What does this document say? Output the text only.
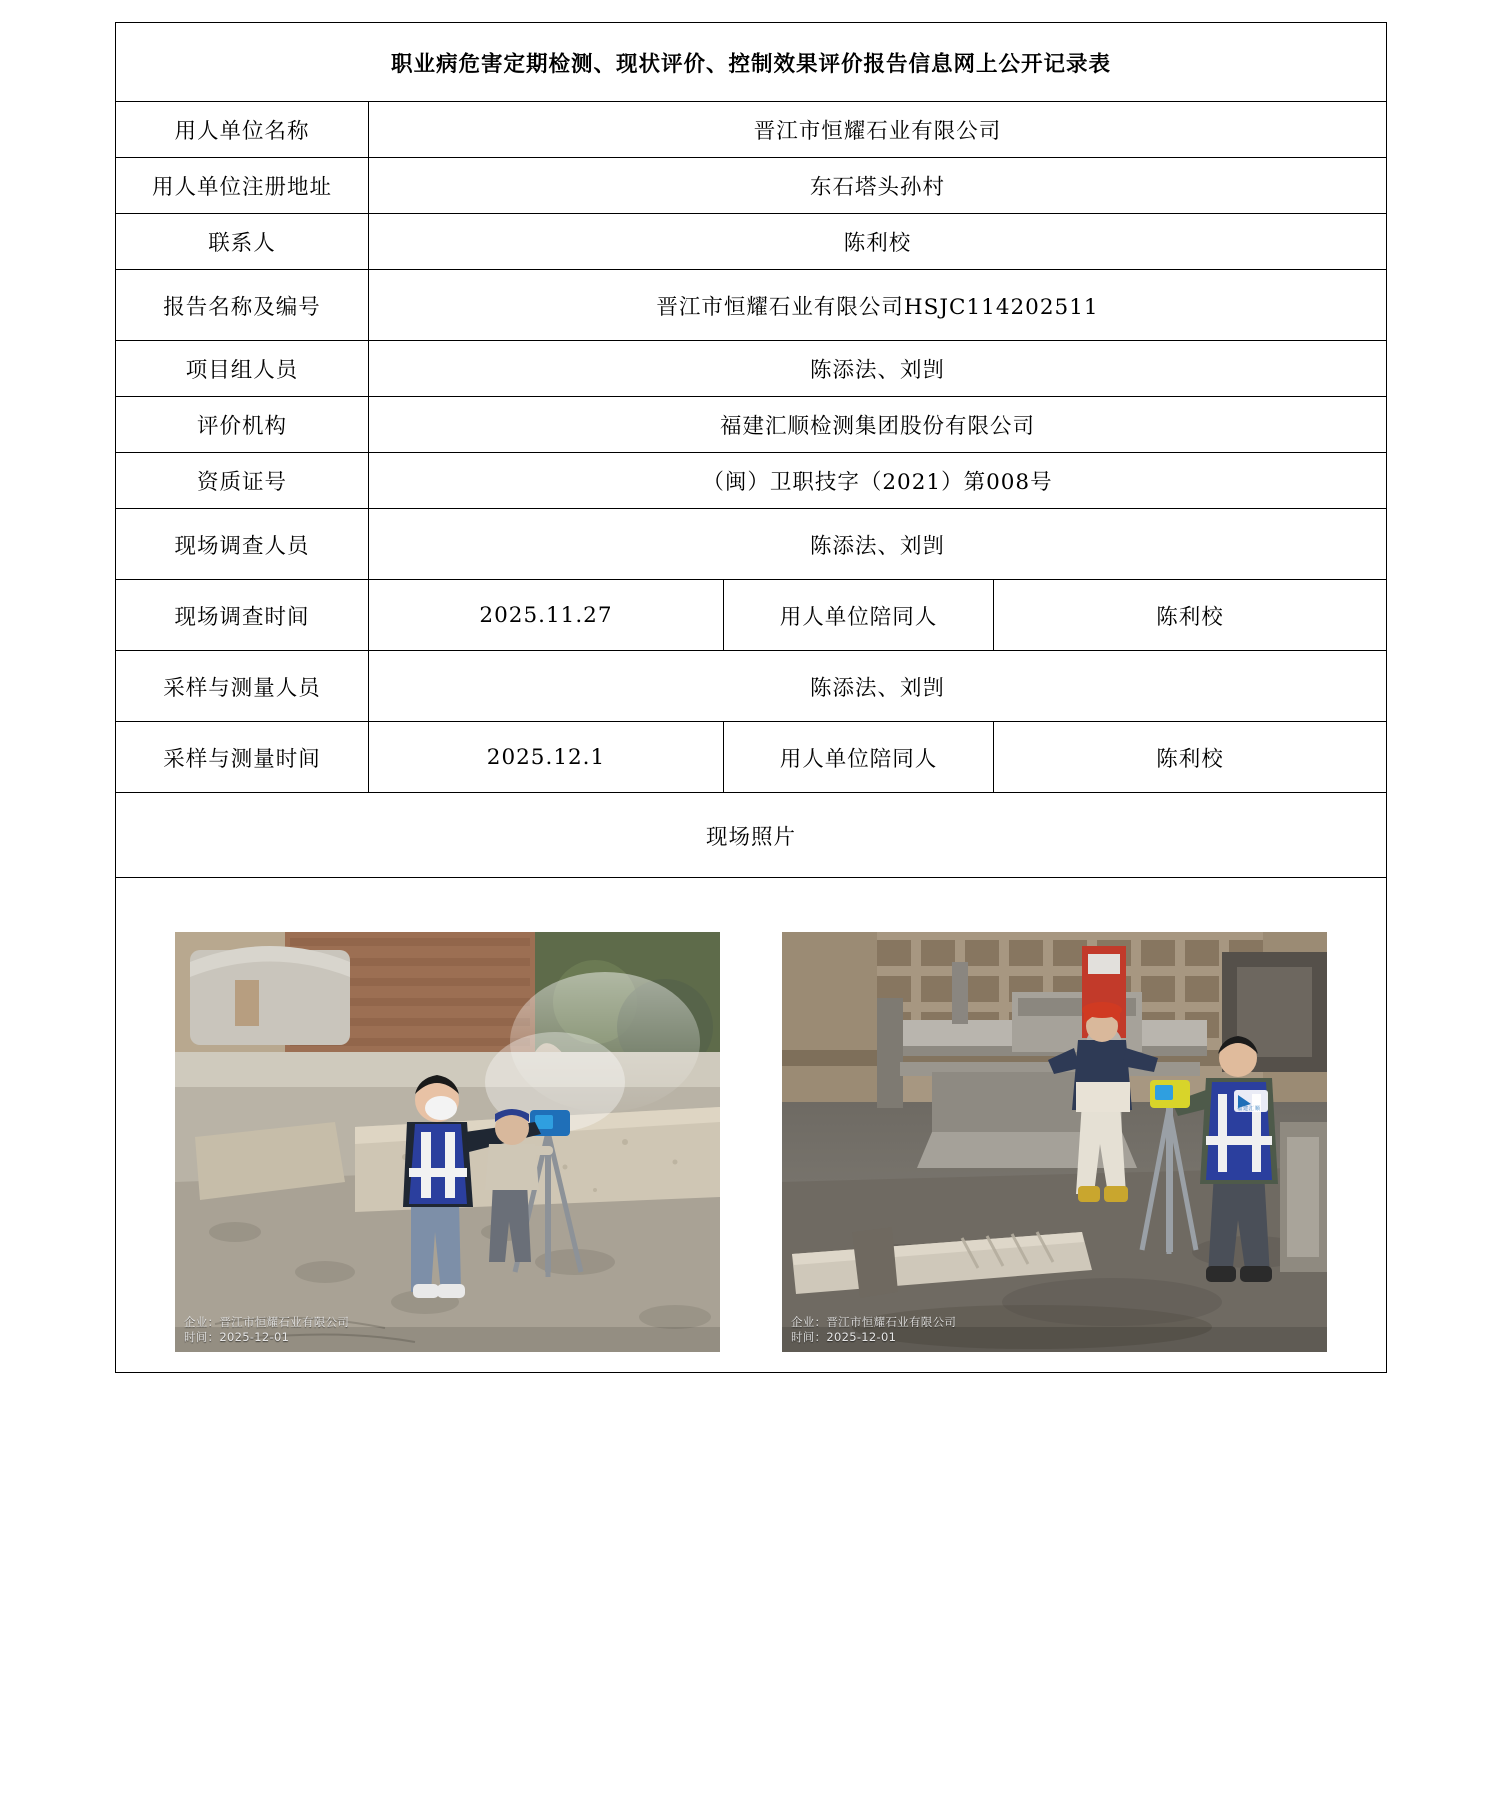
职业病危害定期检测、现状评价、控制效果评价报告信息网上公开记录表			
用人单位名称	晋江市恒耀石业有限公司		
用人单位注册地址	东石塔头孙村		
联系人	陈利校		
报告名称及编号	晋江市恒耀石业有限公司HSJC114202511		
项目组人员	陈添法、刘剀		
评价机构	福建汇顺检测集团股份有限公司		
资质证号	（闽）卫职技字（2021）第008号		
现场调查人员	陈添法、刘剀		
现场调查时间	2025.11.27	用人单位陪同人	陈利校
采样与测量人员	陈添法、刘剀		
采样与测量时间	2025.12.1	用人单位陪同人	陈利校
现场照片			

企业：晋江市恒耀石业有限公司
时间：2025-12-01
福建汇顺
企业：晋江市恒耀石业有限公司
时间：2025-12-01			
